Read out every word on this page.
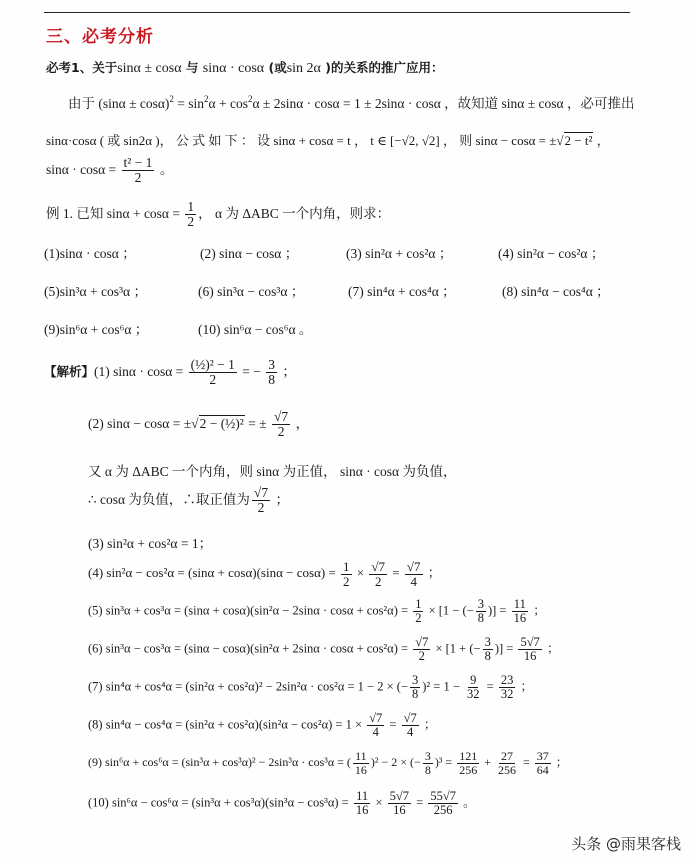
三、必考分析
必考1、关于sinα ± cosα 与 sinα · cosα (或sin 2α )的关系的推广应用：
由于 $(\sin\alpha \pm \cos\alpha)^2 = \sin^2\alpha + \cos^2\alpha \pm 2\sin\alpha \cdot \cos\alpha = 1 \pm 2\sin\alpha \cdot \cos\alpha$ ，故知道 sinα ± cosα ，必可推出
sinα·cosα ( 或 sin2α )， 公 式 如 下 ： 设 sinα + cosα = t ， t ∈ [−√2, √2] ， 则 sinα − cosα = ±√2 − t² ，
$\sin\alpha \cdot \cos\alpha = \frac{\text{t² − 1}}{2}$ 。
例 1. 已知 $\sin\alpha + \cos\alpha = \frac{1}{2}$ ， α 为 ΔABC 一个内角，则求：
(1)sinα · cosα ；	(2) sinα − cosα ；	(3) sin²α + cos²α ；	(4) sin²α − cos²α ；
(5)sin³α + cos³α ；	(6) sin³α − cos³α ；	(7) sin⁴α + cos⁴α ；	(8) sin⁴α − cos⁴α ；
(9)sin⁶α + cos⁶α ；	(10) sin⁶α − cos⁶α 。
【解析】(1) $\sin\alpha \cdot \cos\alpha = \frac{\text{(½)² − 1}}{2}$ = − $\frac{3}{8}$ ；
(2) sinα − cosα = ±√2 − (½)² = ± $\frac{√7}{2}$ ，
又 α 为 ΔABC 一个内角，则 sinα 为正值， sinα · cosα 为负值，
∴ cosα 为负值，∴取正值为 $\frac{√7}{2}$ ；
(3) sin²α + cos²α = 1；
(4) $\sin^2\alpha - \cos^2\alpha = (\sin\alpha + \cos\alpha)(\sin\alpha - \cos\alpha) = \frac{1}{2} \times \frac{√7}{2} = \frac{√7}{4}$ ；
(5) $\sin^3\alpha + \cos^3\alpha = (\sin\alpha + \cos\alpha)(\sin^2\alpha - 2\sin\alpha \cdot \cos\alpha + \cos^2\alpha) = \frac{1}{2} \times [1$ − (− $\frac{3}{8}$ )] = $\frac{11}{16}$ ；
(6) $\sin^3\alpha - \cos^3\alpha = (\sin\alpha - \cos\alpha)(\sin^2\alpha + 2\sin\alpha \cdot \cos\alpha + \cos^2\alpha) = \frac{√7}{2} \times [1$ + (− $\frac{3}{8}$ )] = $\frac{5√7}{16}$ ；
(7) sin⁴α + cos⁴α = (sin²α + cos²α)² − 2sin²α · cos²α = 1 − 2 × (− $\frac{3}{8} )^2 = 1 - \frac{9}{32} = \frac{23}{32}$ ；
(8) $\sin^4\alpha - \cos^4\alpha = (\sin^2\alpha + \cos^2\alpha)(\sin^2\alpha - \cos^2\alpha) = 1 \times \frac{√7}{4} = \frac{√7}{4}$ ；
(9) sin⁶α + cos⁶α = (sin³α + cos³α)² − 2sin³α · cos³α = ( $\frac{11}{16} )^2 - 2$ × (− $\frac{3}{8} )^3 = \frac{121}{256} + \frac{27}{256} = \frac{37}{64}$ ；
(10) $\sin^6\alpha - \cos^6\alpha = (\sin^3\alpha + \cos^3\alpha)(\sin^3\alpha - \cos^3\alpha) = \frac{11}{16} \times \frac{5√7}{16} = \frac{55√7}{256}$ 。
头条 @雨果客栈
